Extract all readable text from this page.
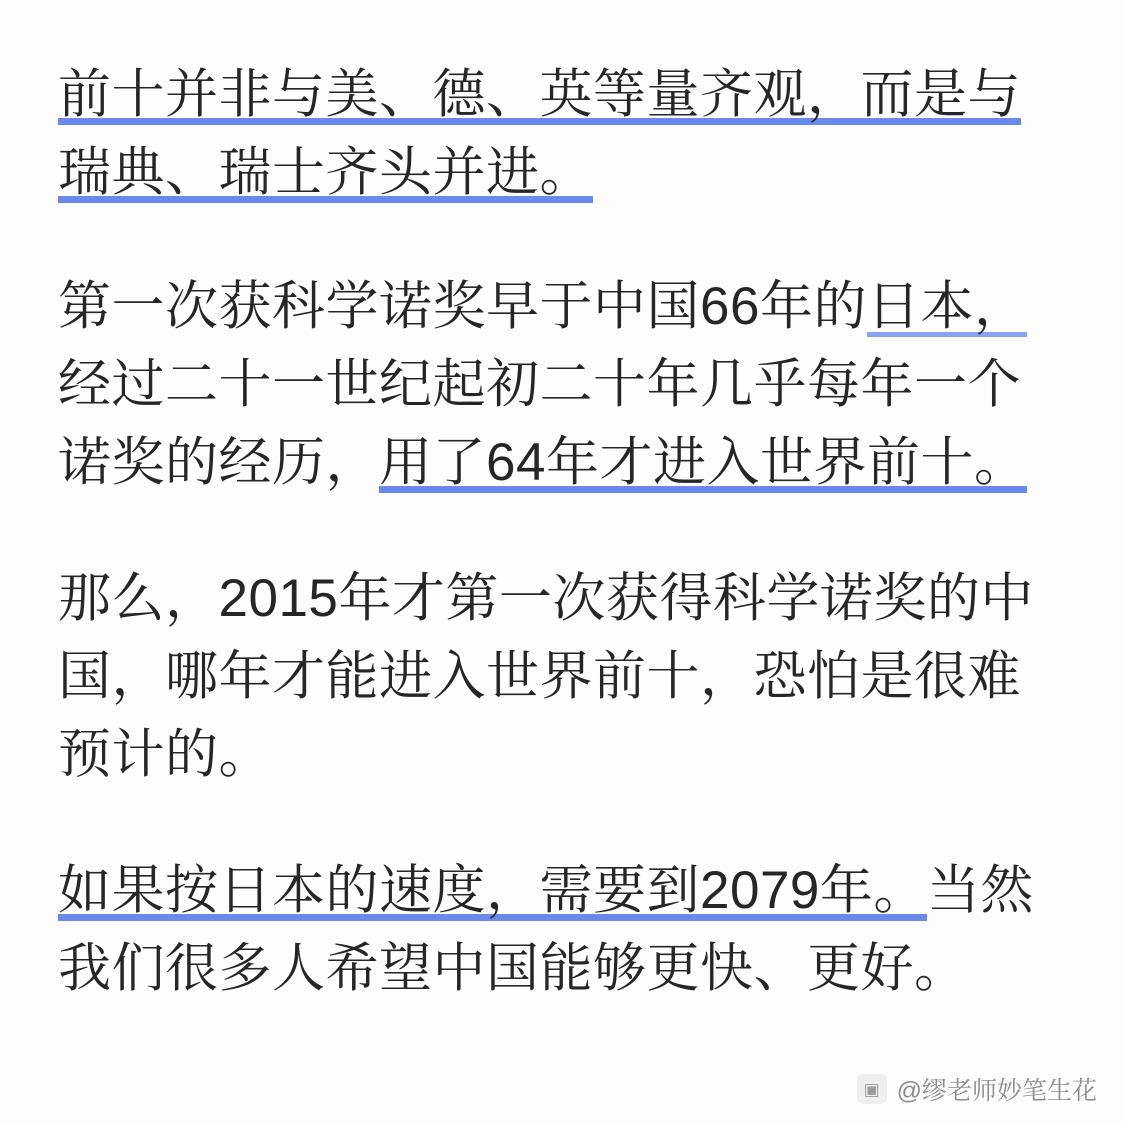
前十并非与美、德、英等量齐观，而是与
瑞典、瑞士齐头并进。

第一次获科学诺奖早于中国66年的日本，
经过二十一世纪起初二十年几乎每年一个
诺奖的经历，用了64年才进入世界前十。

那么，2015年才第一次获得科学诺奖的中
国，哪年才能进入世界前十，恐怕是很难
预计的。

如果按日本的速度，需要到2079年。当然
我们很多人希望中国能够更快、更好。

▣ @缪老师妙笔生花
